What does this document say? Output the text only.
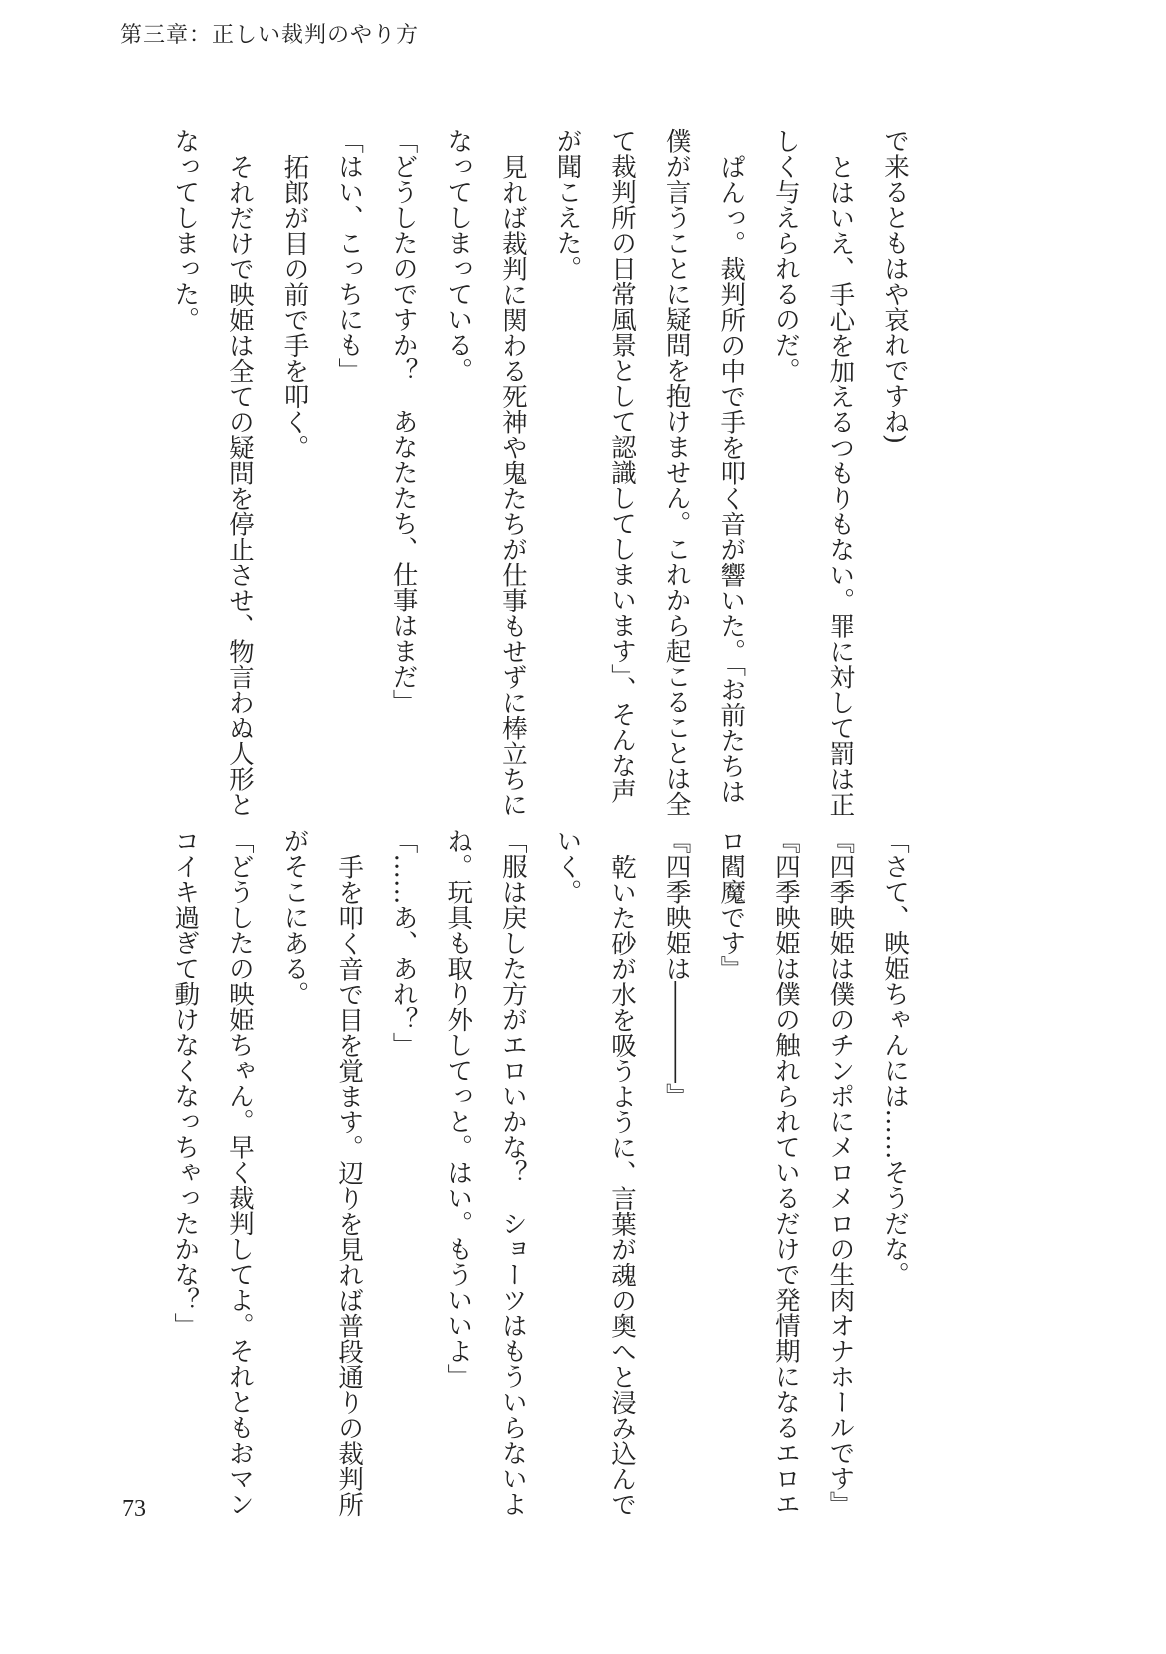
第三章：正しい裁判のやり方
で来るともはや哀れですね)
とはいえ、手心を加えるつもりもない。罪に対して罰は正
しく与えられるのだ。
ぱんっ。裁判所の中で手を叩く音が響いた。「お前たちは
僕が言うことに疑問を抱けません。これから起こることは全
て裁判所の日常風景として認識してしまいます」、そんな声
が聞こえた。
見れば裁判に関わる死神や鬼たちが仕事もせずに棒立ちに
なってしまっている。
「どうしたのですか？　あなたたち、仕事はまだ」
「はい、こっちにも」
拓郎が目の前で手を叩く。
それだけで映姫は全ての疑問を停止させ、物言わぬ人形と
なってしまった。
「さて、映姫ちゃんには……そうだな。
『四季映姫は僕のチンポにメロメロの生肉オナホールです』
『四季映姫は僕の触れられているだけで発情期になるエロエ
ロ閻魔です』
『四季映姫は――――』
乾いた砂が水を吸うように、言葉が魂の奥へと浸み込んで
いく。
「服は戻した方がエロいかな？　ショーツはもういらないよ
ね。玩具も取り外してっと。はい。もういいよ」
「……あ、あれ？」
手を叩く音で目を覚ます。辺りを見れば普段通りの裁判所
がそこにある。
「どうしたの映姫ちゃん。早く裁判してよ。それともおマン
コイキ過ぎて動けなくなっちゃったかな？」
73
